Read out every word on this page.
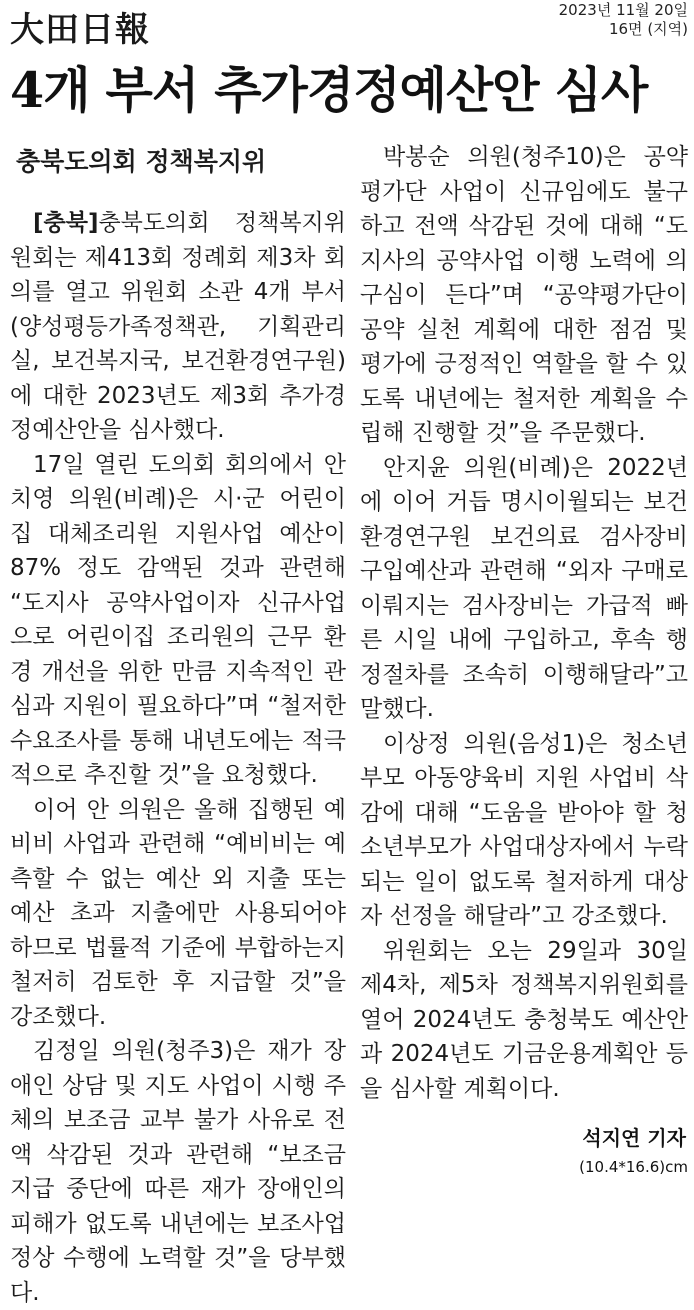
大田日報	2023년 11월 20일
16면 (지역)
4개 부서 추가경정예산안 심사

충북도의회 정책복지위

[충북]충북도의회 정책복지위원회는 제413회 정례회 제3차 회의를 열고 위원회 소관 4개 부서(양성평등가족정책관, 기획관리실, 보건복지국, 보건환경연구원)에 대한 2023년도 제3회 추가경정예산안을 심사했다.

17일 열린 도의회 회의에서 안치영 의원(비례)은 시·군 어린이집 대체조리원 지원사업 예산이 87% 정도 감액된 것과 관련해 “도지사 공약사업이자 신규사업으로 어린이집 조리원의 근무 환경 개선을 위한 만큼 지속적인 관심과 지원이 필요하다”며 “철저한 수요조사를 통해 내년도에는 적극적으로 추진할 것”을 요청했다.

이어 안 의원은 올해 집행된 예비비 사업과 관련해 “예비비는 예측할 수 없는 예산 외 지출 또는 예산 초과 지출에만 사용되어야 하므로 법률적 기준에 부합하는지 철저히 검토한 후 지급할 것”을 강조했다.

김정일 의원(청주3)은 재가 장애인 상담 및 지도 사업이 시행 주체의 보조금 교부 불가 사유로 전액 삭감된 것과 관련해 “보조금 지급 중단에 따른 재가 장애인의 피해가 없도록 내년에는 보조사업 정상 수행에 노력할 것”을 당부했다.

박봉순 의원(청주10)은 공약평가단 사업이 신규임에도 불구하고 전액 삭감된 것에 대해 “도지사의 공약사업 이행 노력에 의구심이 든다”며 “공약평가단이 공약 실천 계획에 대한 점검 및 평가에 긍정적인 역할을 할 수 있도록 내년에는 철저한 계획을 수립해 진행할 것”을 주문했다.

안지윤 의원(비례)은 2022년에 이어 거듭 명시이월되는 보건환경연구원 보건의료 검사장비 구입예산과 관련해 “외자 구매로 이뤄지는 검사장비는 가급적 빠른 시일 내에 구입하고, 후속 행정절차를 조속히 이행해달라”고 말했다.

이상정 의원(음성1)은 청소년부모 아동양육비 지원 사업비 삭감에 대해 “도움을 받아야 할 청소년부모가 사업대상자에서 누락되는 일이 없도록 철저하게 대상자 선정을 해달라”고 강조했다.

위원회는 오는 29일과 30일 제4차, 제5차 정책복지위원회를 열어 2024년도 충청북도 예산안과 2024년도 기금운용계획안 등을 심사할 계획이다.

석지연 기자
(10.4*16.6)cm
